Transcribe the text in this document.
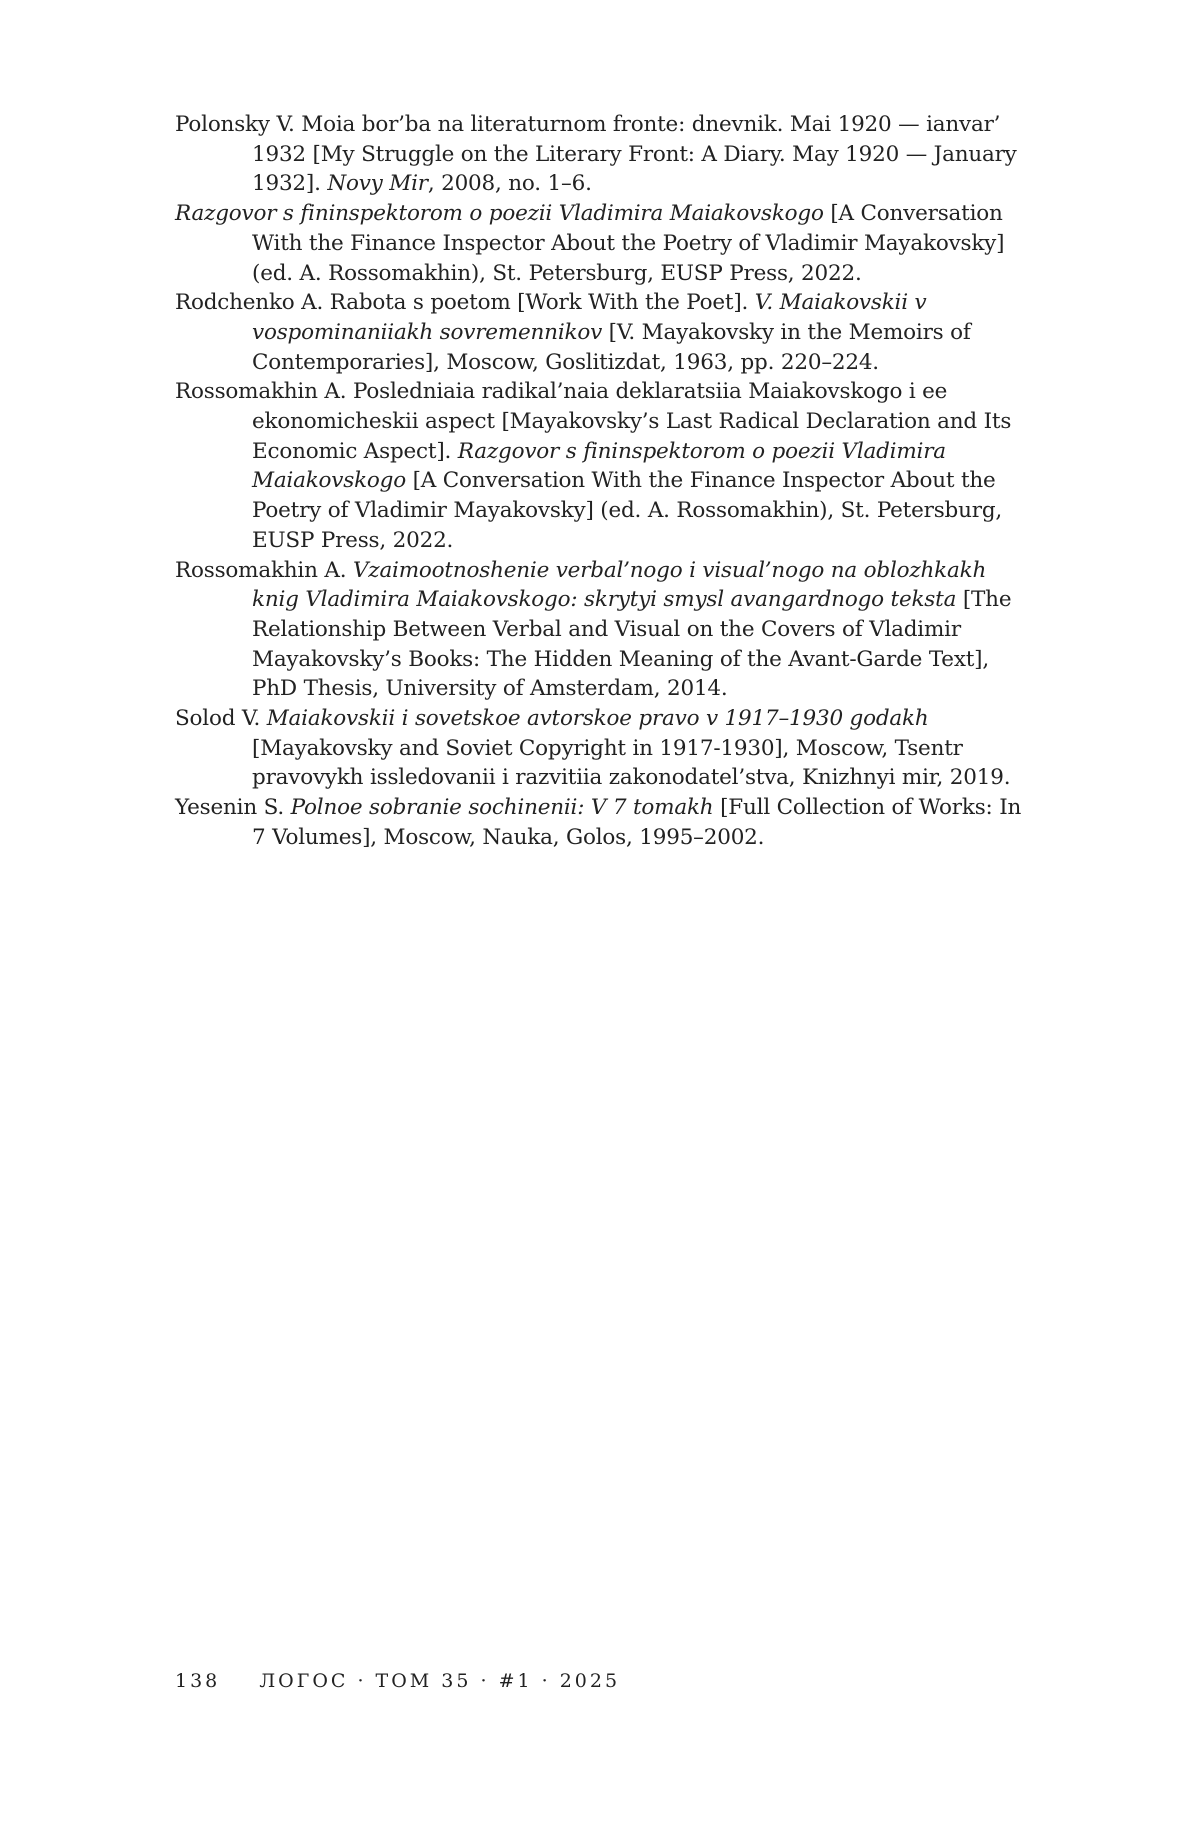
Polonsky V. Moia bor’ba na literaturnom fronte: dnevnik. Mai 1920 — ianvar’ 1932 [My Struggle on the Literary Front: A Diary. May 1920 — January 1932]. Novy Mir, 2008, no. 1–6.

Razgovor s fininspektorom o poezii Vladimira Maiakovskogo [A Conversation With the Finance Inspector About the Poetry of Vladimir Mayakovsky] (ed. A. Rossomakhin), St. Petersburg, EUSP Press, 2022.

Rodchenko A. Rabota s poetom [Work With the Poet]. V. Maiakovskii v vospominaniiakh sovremennikov [V. Mayakovsky in the Memoirs of Contemporaries], Moscow, Goslitizdat, 1963, pp. 220–224.

Rossomakhin A. Posledniaia radikal’naia deklaratsiia Maiakovskogo i ee ekonomicheskii aspect [Mayakovsky’s Last Radical Declaration and Its Economic Aspect]. Razgovor s fininspektorom o poezii Vladimira Maiakovskogo [A Conversation With the Finance Inspector About the Poetry of Vladimir Mayakovsky] (ed. A. Rossomakhin), St. Petersburg, EUSP Press, 2022.

Rossomakhin A. Vzaimootnoshenie verbal’nogo i visual’nogo na oblozhkakh knig Vladimira Maiakovskogo: skrytyi smysl avangardnogo teksta [The Relationship Between Verbal and Visual on the Covers of Vladimir Mayakovsky’s Books: The Hidden Meaning of the Avant-Garde Text], PhD Thesis, University of Amsterdam, 2014.

Solod V. Maiakovskii i sovetskoe avtorskoe pravo v 1917–1930 godakh [Mayakovsky and Soviet Copyright in 1917-1930], Moscow, Tsentr pravovykh issledovanii i razvitiia zakonodatel’stva, Knizhnyi mir, 2019.

Yesenin S. Polnoe sobranie sochinenii: V 7 tomakh [Full Collection of Works: In 7 Volumes], Moscow, Nauka, Golos, 1995–2002.

138 ЛОГОС · ТОМ 35 · #1 · 2025
